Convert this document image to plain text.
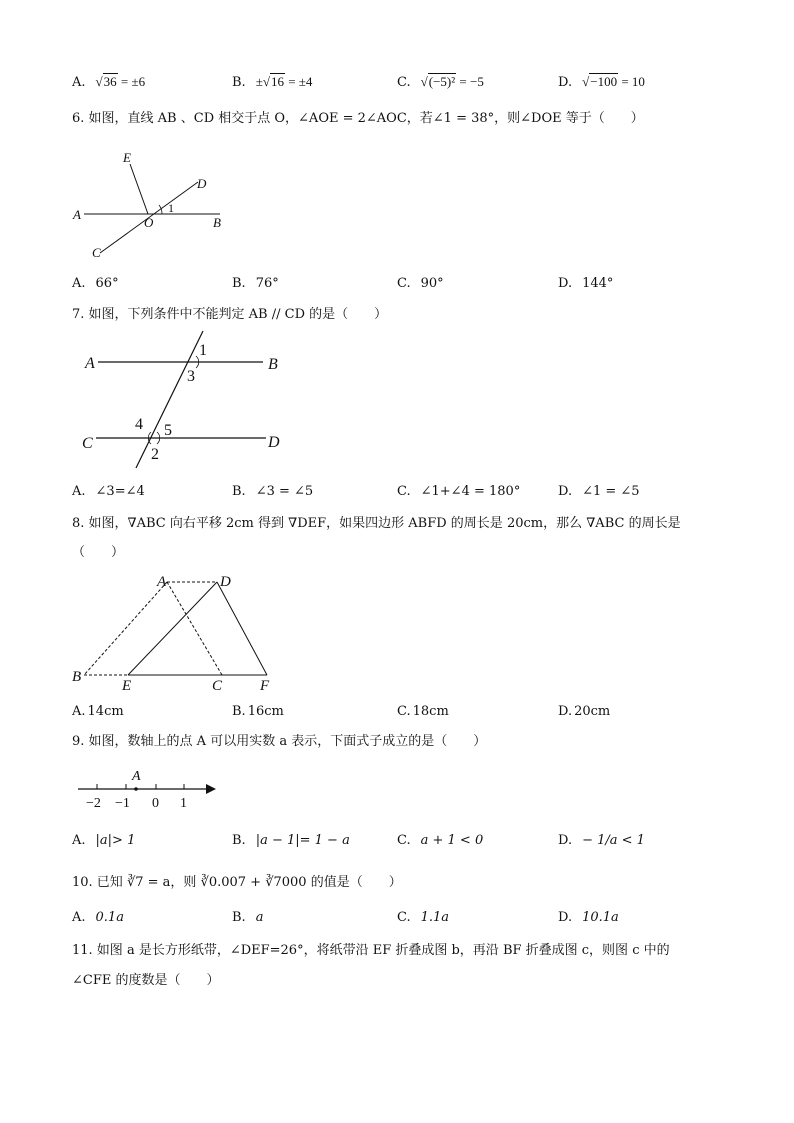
A. √36 = ±6	B. ±√16 = ±4	C. √(−5)² = −5	D. √−100 = 10
6. 如图，直线 AB 、CD 相交于点 O，∠AOE = 2∠AOC，若∠1 = 38°，则∠DOE 等于（　　）
E
D
A
O
1
B
C
A. 66°	B. 76°	C. 90°	D. 144°
7. 如图，下列条件中不能判定 AB // CD 的是（　　）
A	B
1
3
4 5
C	D
2
A. ∠3=∠4	B. ∠3 = ∠5	C. ∠1+∠4 = 180°	D. ∠1 = ∠5
8. 如图，∇ABC 向右平移 2cm 得到 ∇DEF，如果四边形 ABFD 的周长是 20cm，那么 ∇ABC 的周长是
（　　）
A	D
B
E	C	F
A. 14cm	B. 16cm	C. 18cm	D. 20cm
9. 如图，数轴上的点 A 可以用实数 a 表示，下面式子成立的是（　　）
A
−2 −1 0 1
A. |a|> 1	B. |a − 1|= 1 − a	C. a + 1 < 0	D. − 1/a < 1
10. 已知 ∛7 = a，则 ∛0.007 + ∛7000 的值是（　　）
A. 0.1a	B. a	C. 1.1a	D. 10.1a
11. 如图 a 是长方形纸带，∠DEF=26°，将纸带沿 EF 折叠成图 b，再沿 BF 折叠成图 c，则图 c 中的
∠CFE 的度数是（　　）
